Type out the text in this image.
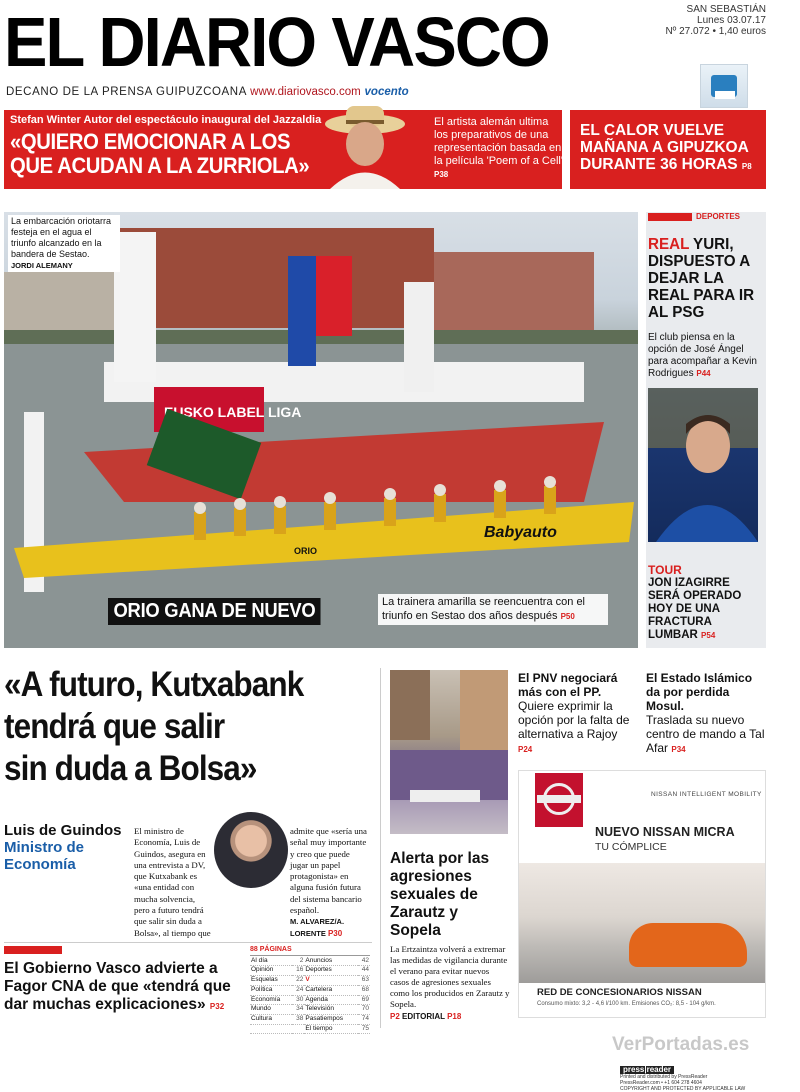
EL DIARIO VASCO	SAN SEBASTIÁN
Lunes 03.07.17
Nº 27.072 • 1,40 euros
DECANO DE LA PRENSA GUIPUZCOANA www.diariovasco.com vocento
Stefan Winter Autor del espectáculo inaugural del Jazzaldia
«QUIERO EMOCIONAR A LOS
QUE ACUDAN A LA ZURRIOLA»
El artista alemán ultima los preparativos de una representación basada en la película 'Poem of a Cell' P38
EL CALOR VUELVE MAÑANA A GIPUZKOA DURANTE 36 HORAS P8
EUSKO LABEL LIGA
Babyauto
ORIO
La embarcación oriotarra festeja en el agua el triunfo alcanzado en la bandera de Sestao.
JORDI ALEMANY
ORIO GANA DE NUEVO	La trainera amarilla se reencuentra con el triunfo en Sestao dos años después P50
DEPORTES
REAL YURI, DISPUESTO A DEJAR LA REAL PARA IR AL PSG
El club piensa en la opción de José Ángel para acompañar a Kevin Rodrigues P44
TOUR
JON IZAGIRRE SERÁ OPERADO HOY DE UNA FRACTURA LUMBAR P54
«A futuro, Kutxabank
tendrá que salir
sin duda a Bolsa»
Luis de Guindos
Ministro de Economía
El ministro de Economía, Luis de Guindos, asegura en una entrevista a DV, que Kutxabank es «una entidad con mucha solvencia, pero a futuro tendrá que salir sin duda a Bolsa», al tiempo que
admite que «sería una señal muy importante y creo que puede jugar un papel protagonista» en alguna fusión futura del sistema bancario español.
M. ALVAREZ/A. LORENTE P30
El Gobierno Vasco advierte a Fagor CNA de que «tendrá que dar muchas explicaciones» P32
88 PÁGINAS
Al día	2	Anuncios	42
Opinión	16	Deportes	44
Esquelas	22	V	63
Política	24	Cartelera	68
Economía	30	Agenda	69
Mundo	34	Televisión	70
Cultura	38	Pasatiempos	74
		El tiempo	75
Alerta por las agresiones sexuales de Zarautz y Sopela
La Ertzaintza volverá a extremar las medidas de vigilancia durante el verano para evitar nuevos casos de agresiones sexuales como los producidos en Zarautz y Sopela.
P2 EDITORIAL P18
El PNV negociará más con el PP.
Quiere exprimir la opción por la falta de alternativa a Rajoy P24
El Estado Islámico da por perdida Mosul.
Traslada su nuevo centro de mando a Tal Afar P34
NISSAN INTELLIGENT MOBILITY
NUEVO NISSAN MICRA
TU CÓMPLICE
RED DE CONCESIONARIOS NISSAN
Consumo mixto: 3,2 - 4,6 l/100 km. Emisiones CO₂: 8,5 - 104 g/km.
VerPortadas.es
press|reader Printed and distributed by PressReader
PressReader.com • +1 604 278 4604
COPYRIGHT AND PROTECTED BY APPLICABLE LAW
